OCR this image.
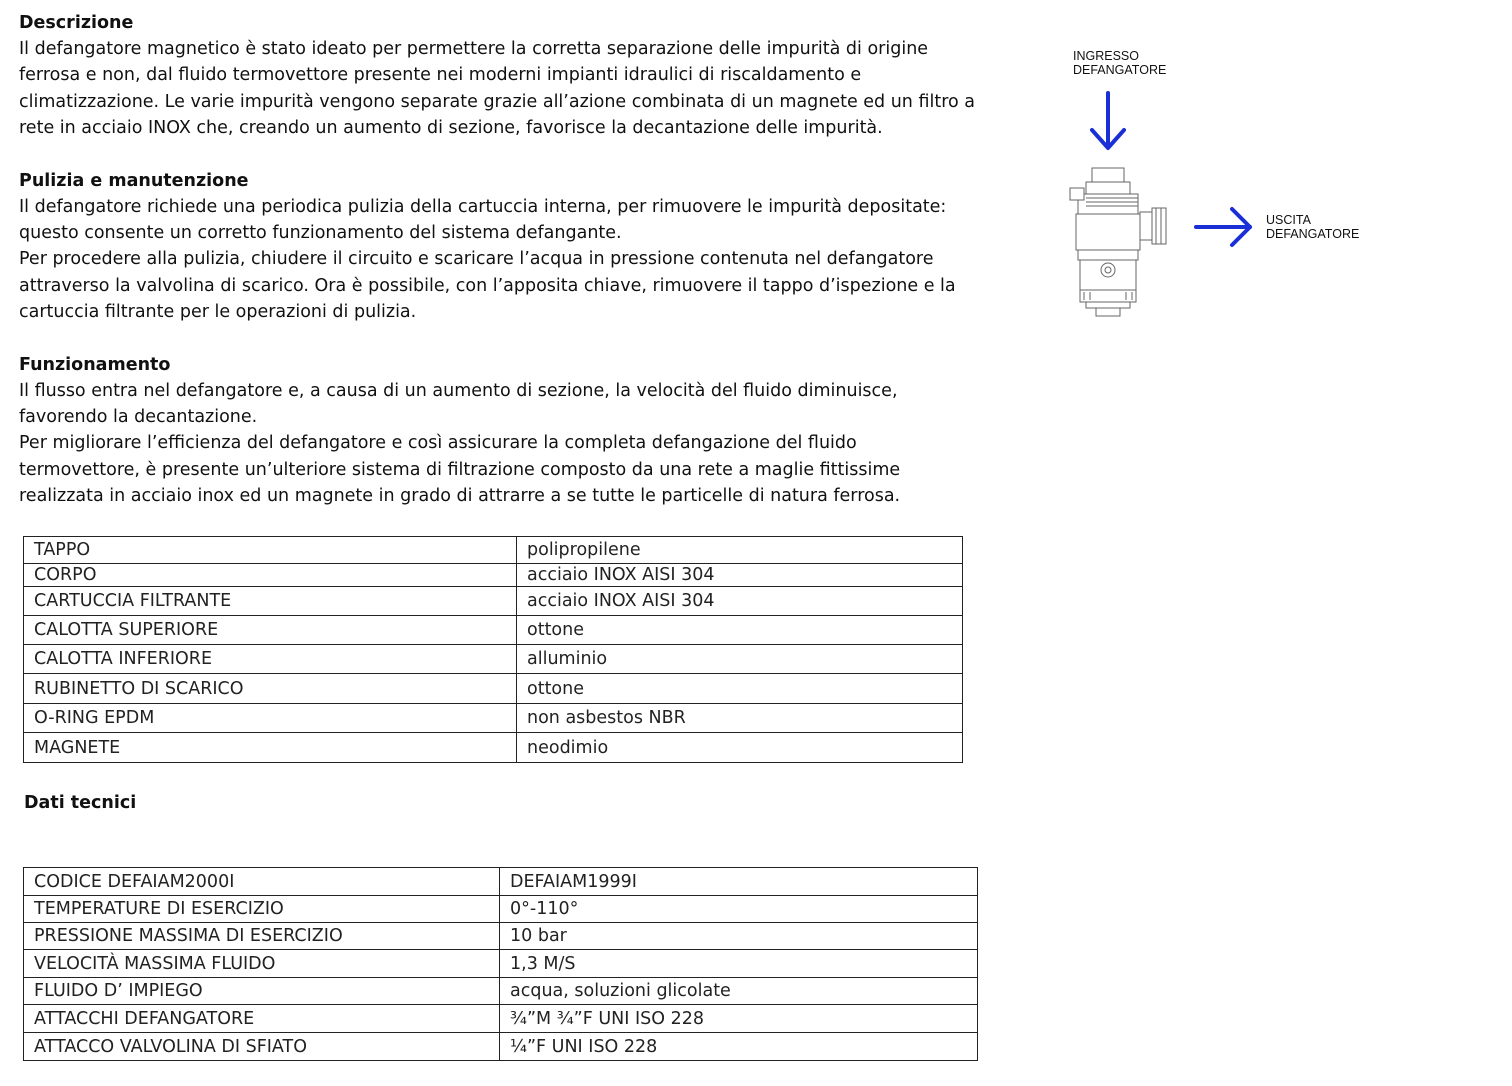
Descrizione

Il defangatore magnetico è stato ideato per permettere la corretta separazione delle impurità di origine

ferrosa e non, dal fluido termovettore presente nei moderni impianti idraulici di riscaldamento e

climatizzazione. Le varie impurità vengono separate grazie all’azione combinata di un magnete ed un filtro a

rete in acciaio INOX che, creando un aumento di sezione, favorisce la decantazione delle impurità.

Pulizia e manutenzione

Il defangatore richiede una periodica pulizia della cartuccia interna, per rimuovere le impurità depositate:

questo consente un corretto funzionamento del sistema defangante.

Per procedere alla pulizia, chiudere il circuito e scaricare l’acqua in pressione contenuta nel defangatore

attraverso la valvolina di scarico. Ora è possibile, con l’apposita chiave, rimuovere il tappo d’ispezione e la

cartuccia filtrante per le operazioni di pulizia.

Funzionamento

Il flusso entra nel defangatore e, a causa di un aumento di sezione, la velocità del fluido diminuisce,

favorendo la decantazione.

Per migliorare l’efficienza del defangatore e così assicurare la completa defangazione del fluido

termovettore, è presente un’ulteriore sistema di filtrazione composto da una rete a maglie fittissime

realizzata in acciaio inox ed un magnete in grado di attrarre a se tutte le particelle di natura ferrosa.

TAPPO	polipropilene
CORPO	acciaio INOX AISI 304
CARTUCCIA FILTRANTE	acciaio INOX AISI 304
CALOTTA SUPERIORE	ottone
CALOTTA INFERIORE	alluminio
RUBINETTO DI SCARICO	ottone
O-RING EPDM	non asbestos NBR
MAGNETE	neodimio

Dati tecnici

CODICE DEFAIAM2000I	DEFAIAM1999I
TEMPERATURE DI ESERCIZIO	0°-110°
PRESSIONE MASSIMA DI ESERCIZIO	10 bar
VELOCITÀ MASSIMA FLUIDO	1,3 M/S
FLUIDO D’ IMPIEGO	acqua, soluzioni glicolate
ATTACCHI DEFANGATORE	¾”M ¾”F UNI ISO 228
ATTACCO VALVOLINA DI SFIATO	¼”F UNI ISO 228
INGRESSO
DEFANGATORE
USCITA
DEFANGATORE
